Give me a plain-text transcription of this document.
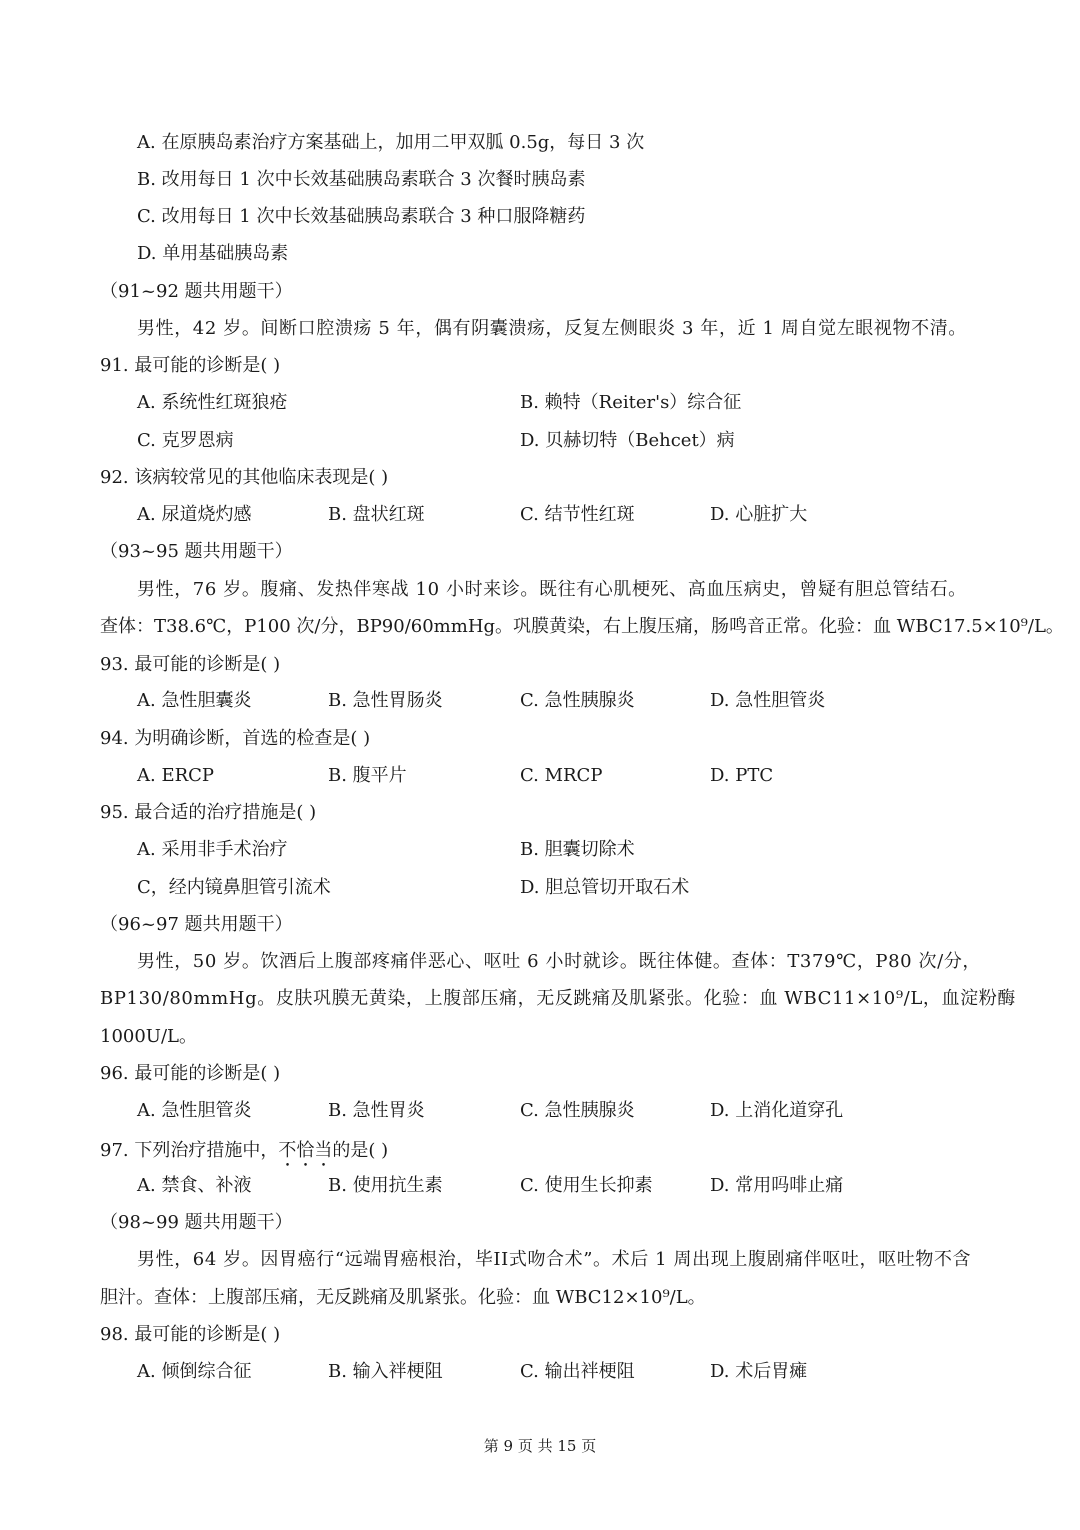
A. 在原胰岛素治疗方案基础上，加用二甲双胍 0.5g，每日 3 次
B. 改用每日 1 次中长效基础胰岛素联合 3 次餐时胰岛素
C. 改用每日 1 次中长效基础胰岛素联合 3 种口服降糖药
D. 单用基础胰岛素
（91~92 题共用题干）
男性，42 岁。间断口腔溃疡 5 年，偶有阴囊溃疡，反复左侧眼炎 3 年，近 1 周自觉左眼视物不清。
91. 最可能的诊断是( )
A. 系统性红斑狼疮	B. 赖特（Reiter's）综合征
C. 克罗恩病	D. 贝赫切特（Behcet）病
92. 该病较常见的其他临床表现是( )
A. 尿道烧灼感	B. 盘状红斑	C. 结节性红斑	D. 心脏扩大
（93~95 题共用题干）
男性，76 岁。腹痛、发热伴寒战 10 小时来诊。既往有心肌梗死、高血压病史，曾疑有胆总管结石。
查体：T38.6℃，P100 次/分，BP90/60mmHg。巩膜黄染，右上腹压痛，肠鸣音正常。化验：血 WBC17.5×10⁹/L。
93. 最可能的诊断是( )
A. 急性胆囊炎	B. 急性胃肠炎	C. 急性胰腺炎	D. 急性胆管炎
94. 为明确诊断，首选的检查是( )
A. ERCP	B. 腹平片	C. MRCP	D. PTC
95. 最合适的治疗措施是( )
A. 采用非手术治疗	B. 胆囊切除术
C，经内镜鼻胆管引流术	D. 胆总管切开取石术
（96~97 题共用题干）
男性，50 岁。饮酒后上腹部疼痛伴恶心、呕吐 6 小时就诊。既往体健。查体：T379℃，P80 次/分，
BP130/80mmHg。皮肤巩膜无黄染，上腹部压痛，无反跳痛及肌紧张。化验：血 WBC11×10⁹/L，血淀粉酶
1000U/L。
96. 最可能的诊断是( )
A. 急性胆管炎	B. 急性胃炎	C. 急性胰腺炎	D. 上消化道穿孔
97. 下列治疗措施中，不恰当的是( )
A. 禁食、补液	B. 使用抗生素	C. 使用生长抑素	D. 常用吗啡止痛
（98~99 题共用题干）
男性，64 岁。因胃癌行“远端胃癌根治，毕II式吻合术”。术后 1 周出现上腹剧痛伴呕吐，呕吐物不含
胆汁。查体：上腹部压痛，无反跳痛及肌紧张。化验：血 WBC12×10⁹/L。
98. 最可能的诊断是( )
A. 倾倒综合征	B. 输入袢梗阻	C. 输出袢梗阻	D. 术后胃瘫
第 9 页 共 15 页
